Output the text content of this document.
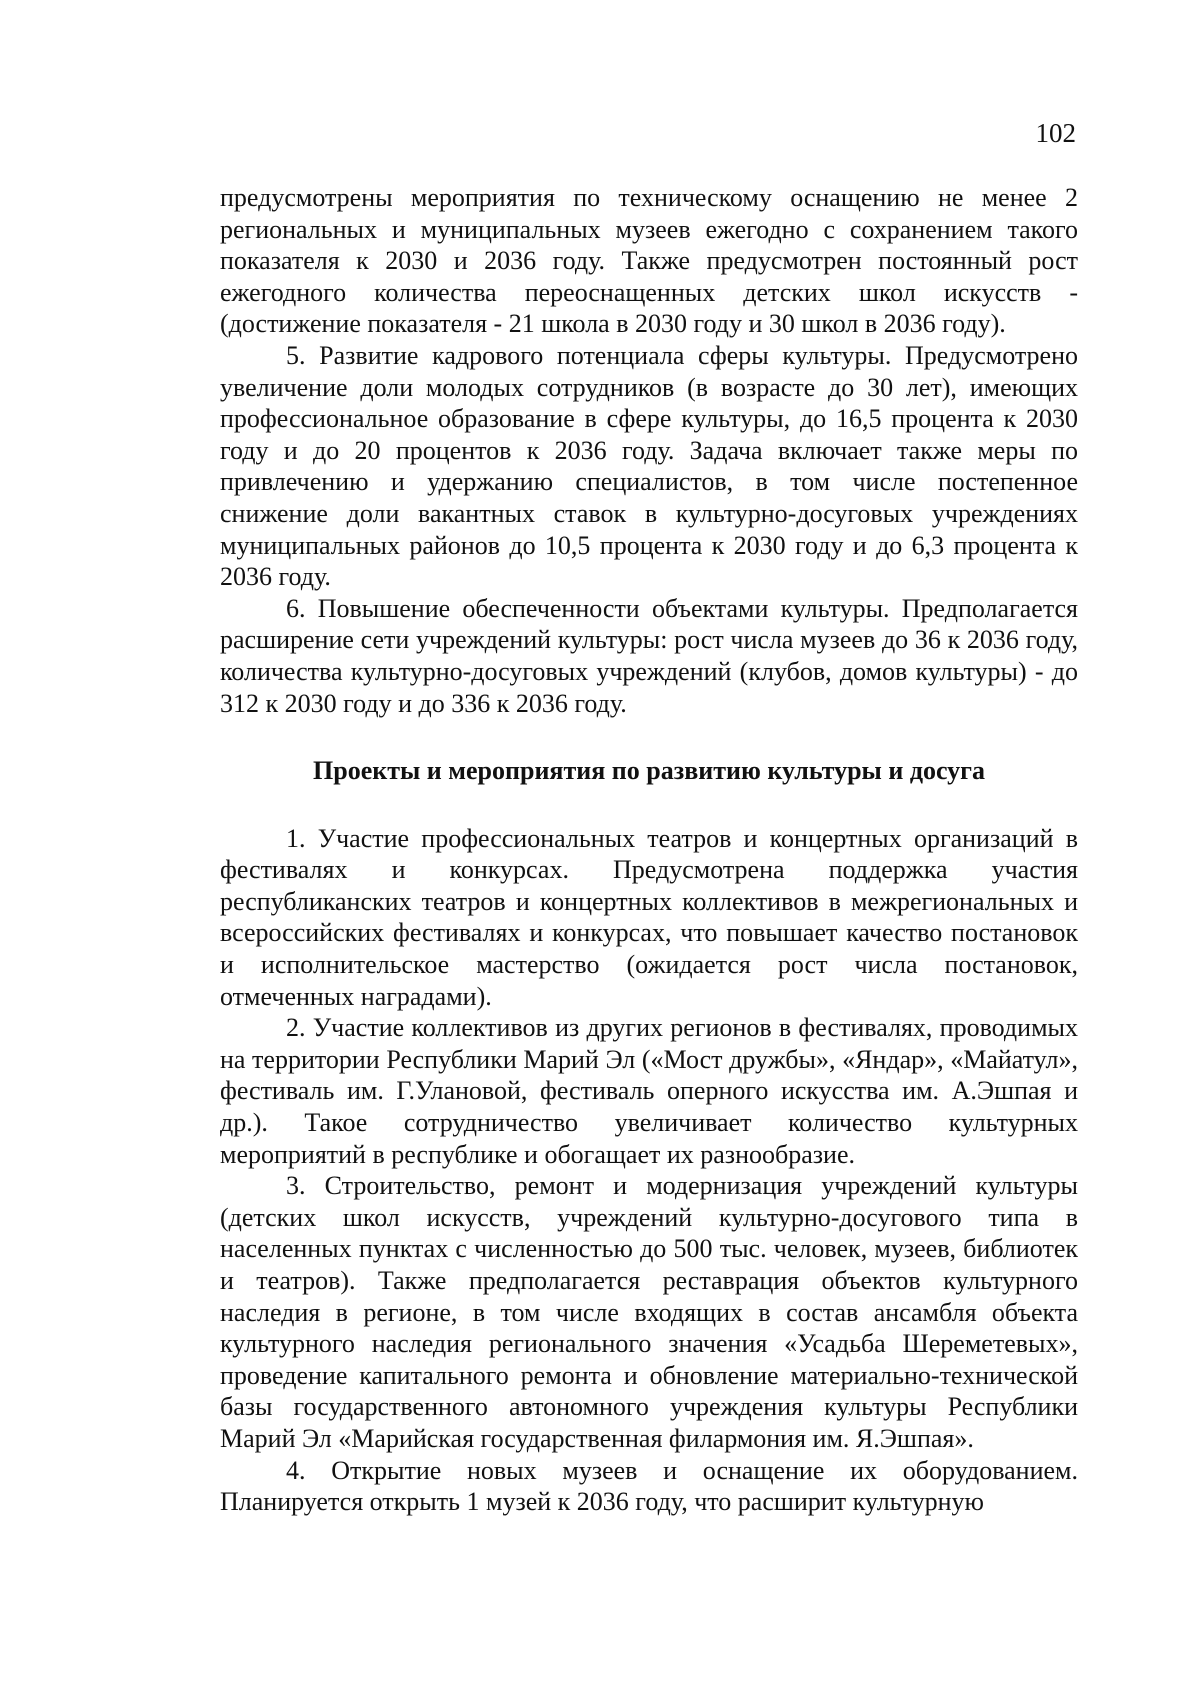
102

предусмотрены мероприятия по техническому оснащению не менее 2 региональных и муниципальных музеев ежегодно с сохранением такого показателя к 2030 и 2036 году. Также предусмотрен постоянный рост ежегодного количества переоснащенных детских школ искусств - (достижение показателя - 21 школа в 2030 году и 30 школ в 2036 году).

5. Развитие кадрового потенциала сферы культуры. Предусмотрено увеличение доли молодых сотрудников (в возрасте до 30 лет), имеющих профессиональное образование в сфере культуры, до 16,5 процента к 2030 году и до 20 процентов к 2036 году. Задача включает также меры по привлечению и удержанию специалистов, в том числе постепенное снижение доли вакантных ставок в культурно-досуговых учреждениях муниципальных районов до 10,5 процента к 2030 году и до 6,3 процента к 2036 году.

6. Повышение обеспеченности объектами культуры. Предполагается расширение сети учреждений культуры: рост числа музеев до 36 к 2036 году, количества культурно-досуговых учреждений (клубов, домов культуры) - до 312 к 2030 году и до 336 к 2036 году.

Проекты и мероприятия по развитию культуры и досуга

1. Участие профессиональных театров и концертных организаций в фестивалях и конкурсах. Предусмотрена поддержка участия республиканских театров и концертных коллективов в межрегиональных и всероссийских фестивалях и конкурсах, что повышает качество постановок и исполнительское мастерство (ожидается рост числа постановок, отмеченных наградами).

2. Участие коллективов из других регионов в фестивалях, проводимых на территории Республики Марий Эл («Мост дружбы», «Яндар», «Майатул», фестиваль им. Г.Улановой, фестиваль оперного искусства им. А.Эшпая и др.). Такое сотрудничество увеличивает количество культурных мероприятий в республике и обогащает их разнообразие.

3. Строительство, ремонт и модернизация учреждений культуры (детских школ искусств, учреждений культурно-досугового типа в населенных пунктах с численностью до 500 тыс. человек, музеев, библиотек и театров). Также предполагается реставрация объектов культурного наследия в регионе, в том числе входящих в состав ансамбля объекта культурного наследия регионального значения «Усадьба Шереметевых», проведение капитального ремонта и обновление материально-технической базы государственного автономного учреждения культуры Республики Марий Эл «Марийская государственная филармония им. Я.Эшпая».

4. Открытие новых музеев и оснащение их оборудованием. Планируется открыть 1 музей к 2036 году, что расширит культурную
